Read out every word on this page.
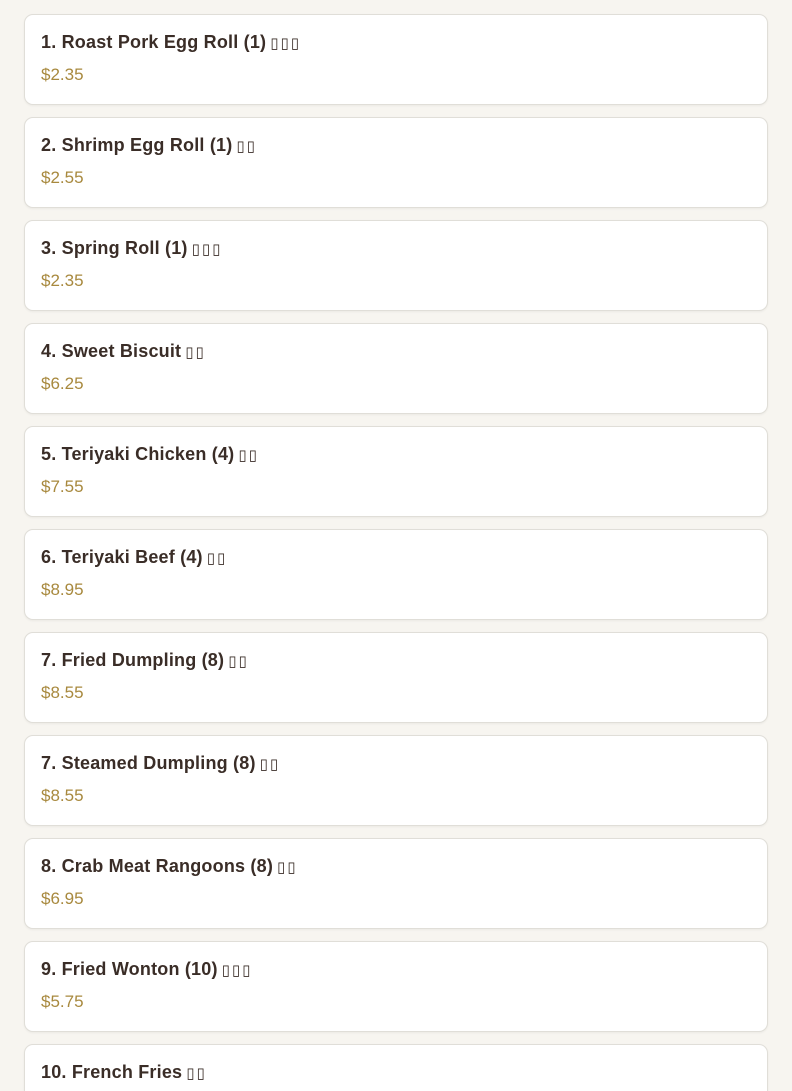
1. Roast Pork Egg Roll (1) ▯▯▯
$2.35
2. Shrimp Egg Roll (1) ▯▯
$2.55
3. Spring Roll (1) ▯▯▯
$2.35
4. Sweet Biscuit ▯▯
$6.25
5. Teriyaki Chicken (4) ▯▯
$7.55
6. Teriyaki Beef (4) ▯▯
$8.95
7. Fried Dumpling (8) ▯▯
$8.55
7. Steamed Dumpling (8) ▯▯
$8.55
8. Crab Meat Rangoons (8) ▯▯
$6.95
9. Fried Wonton (10) ▯▯▯
$5.75
10. French Fries ▯▯
